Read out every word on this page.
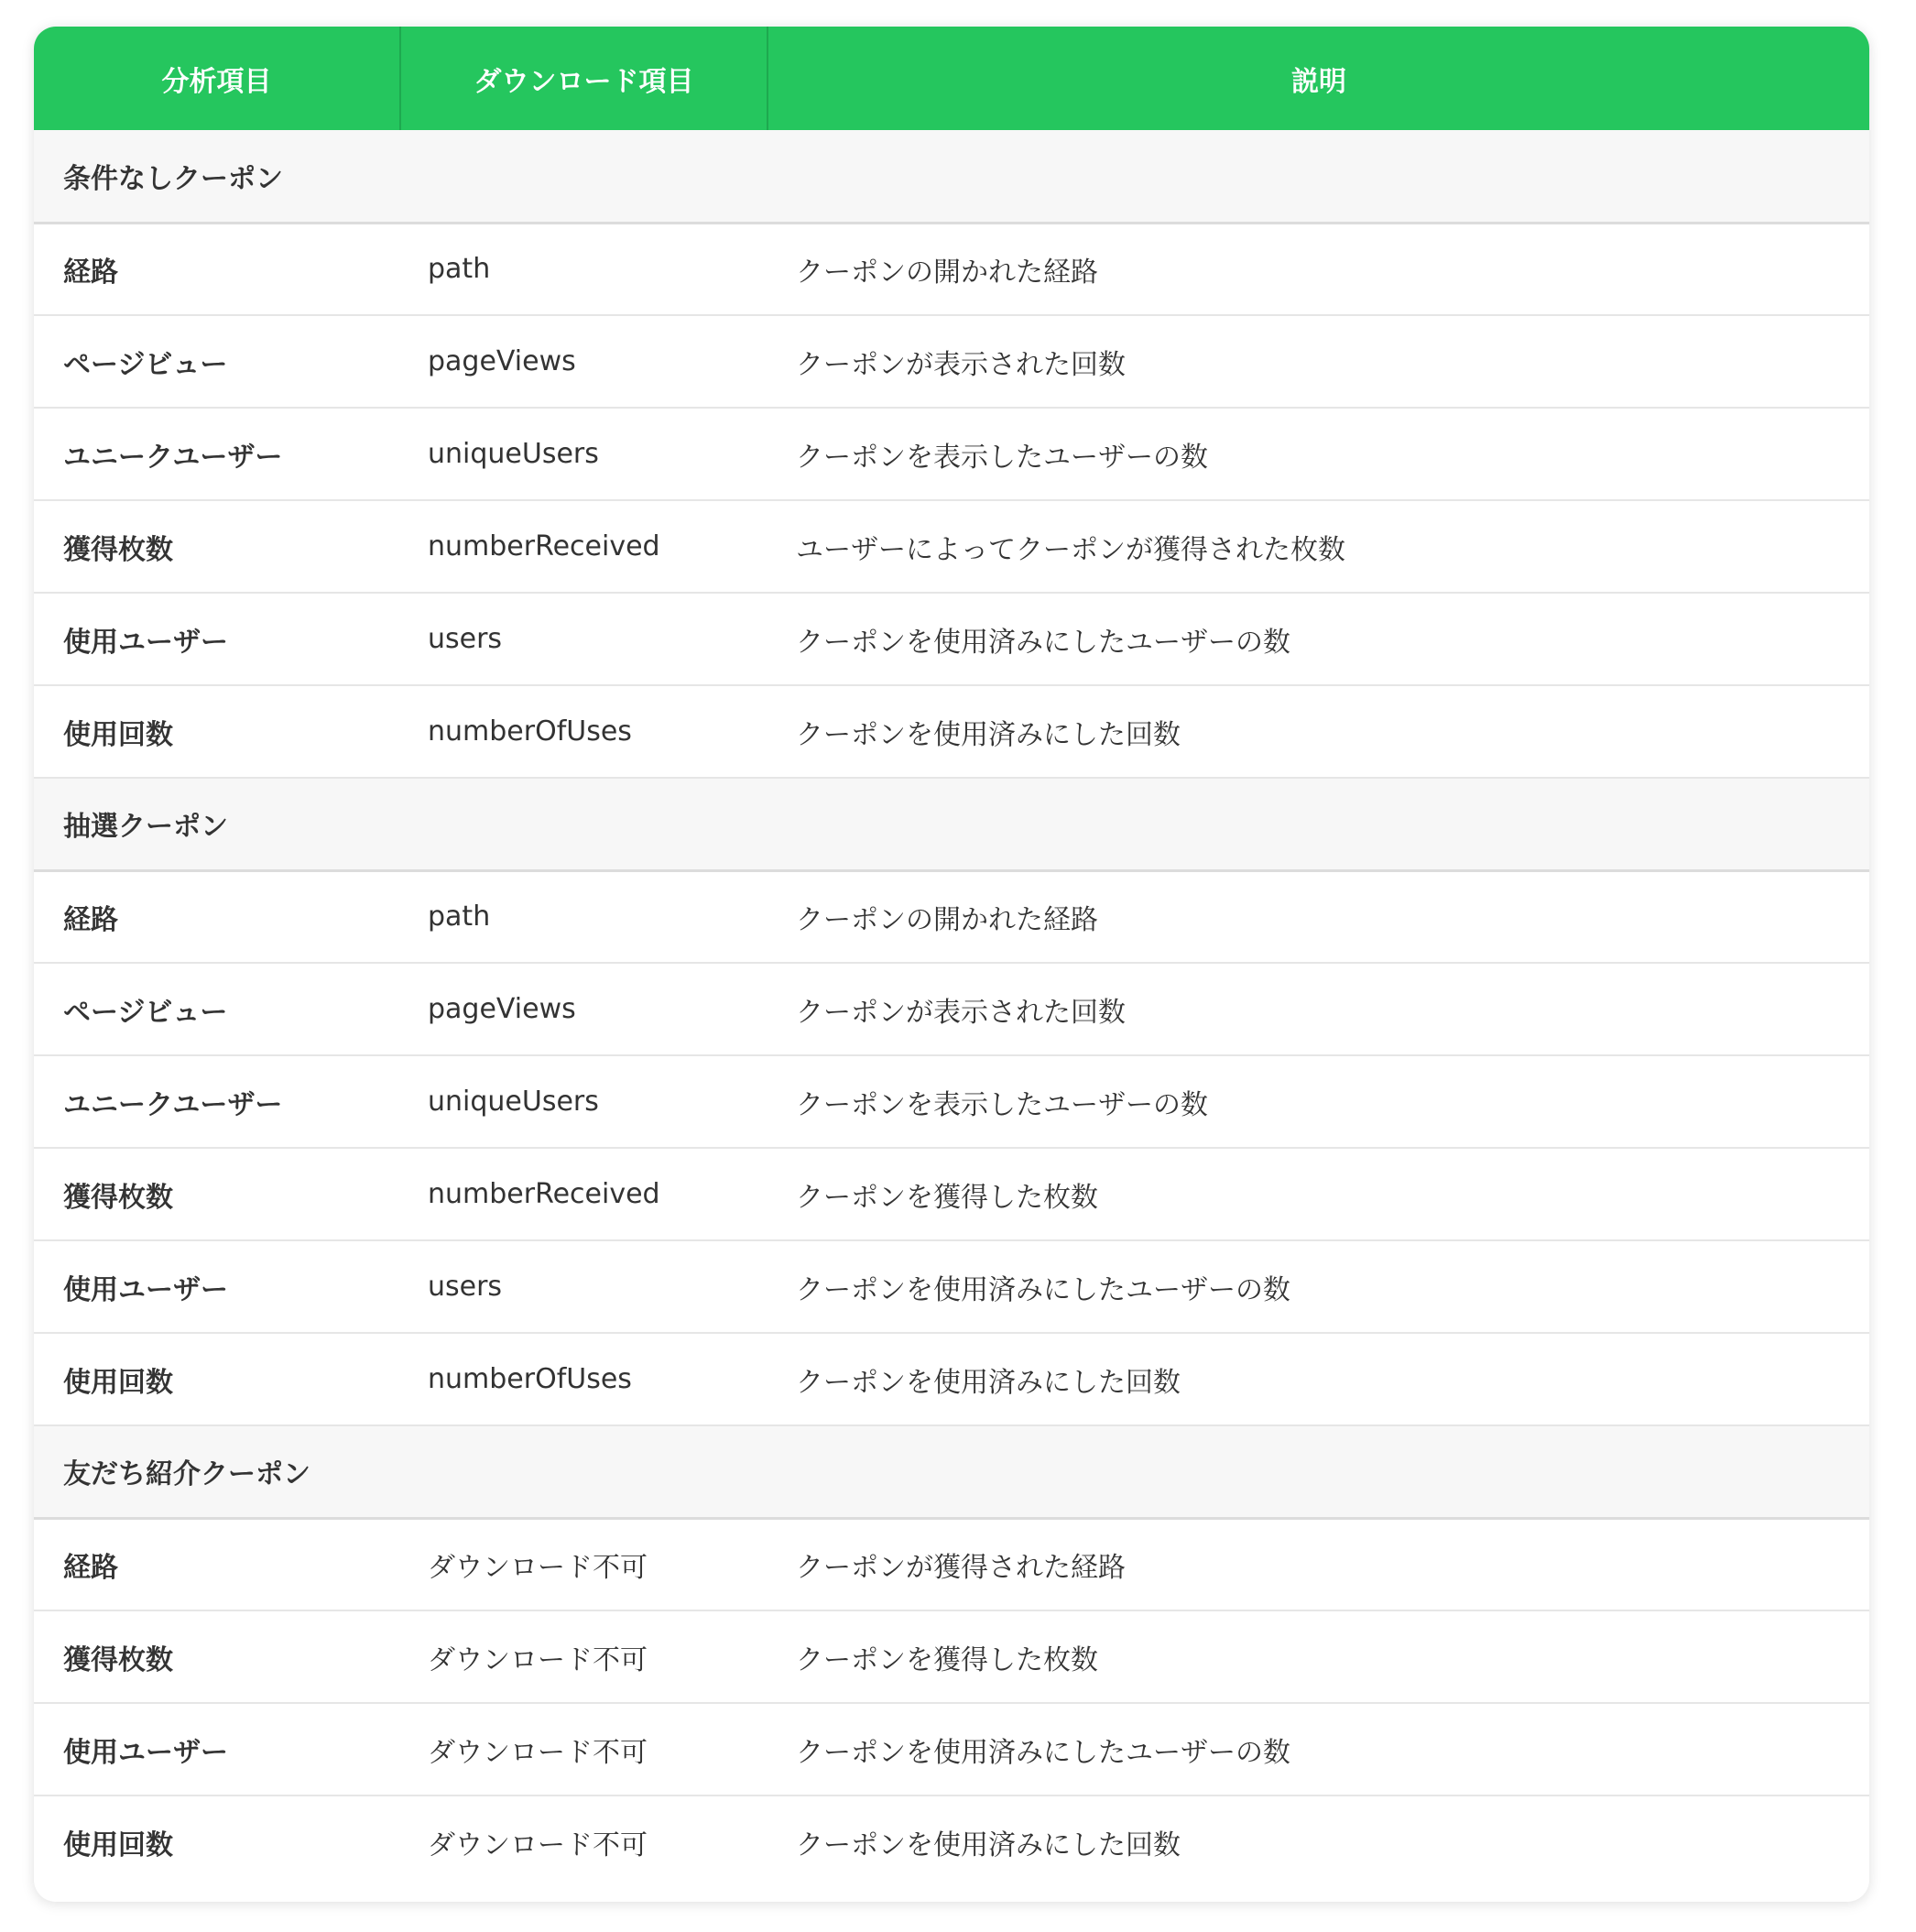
分析項目	ダウンロード項目	説明
条件なしクーポン		
経路	path	クーポンの開かれた経路
ページビュー	pageViews	クーポンが表示された回数
ユニークユーザー	uniqueUsers	クーポンを表示したユーザーの数
獲得枚数	numberReceived	ユーザーによってクーポンが獲得された枚数
使用ユーザー	users	クーポンを使用済みにしたユーザーの数
使用回数	numberOfUses	クーポンを使用済みにした回数
抽選クーポン		
経路	path	クーポンの開かれた経路
ページビュー	pageViews	クーポンが表示された回数
ユニークユーザー	uniqueUsers	クーポンを表示したユーザーの数
獲得枚数	numberReceived	クーポンを獲得した枚数
使用ユーザー	users	クーポンを使用済みにしたユーザーの数
使用回数	numberOfUses	クーポンを使用済みにした回数
友だち紹介クーポン		
経路	ダウンロード不可	クーポンが獲得された経路
獲得枚数	ダウンロード不可	クーポンを獲得した枚数
使用ユーザー	ダウンロード不可	クーポンを使用済みにしたユーザーの数
使用回数	ダウンロード不可	クーポンを使用済みにした回数
